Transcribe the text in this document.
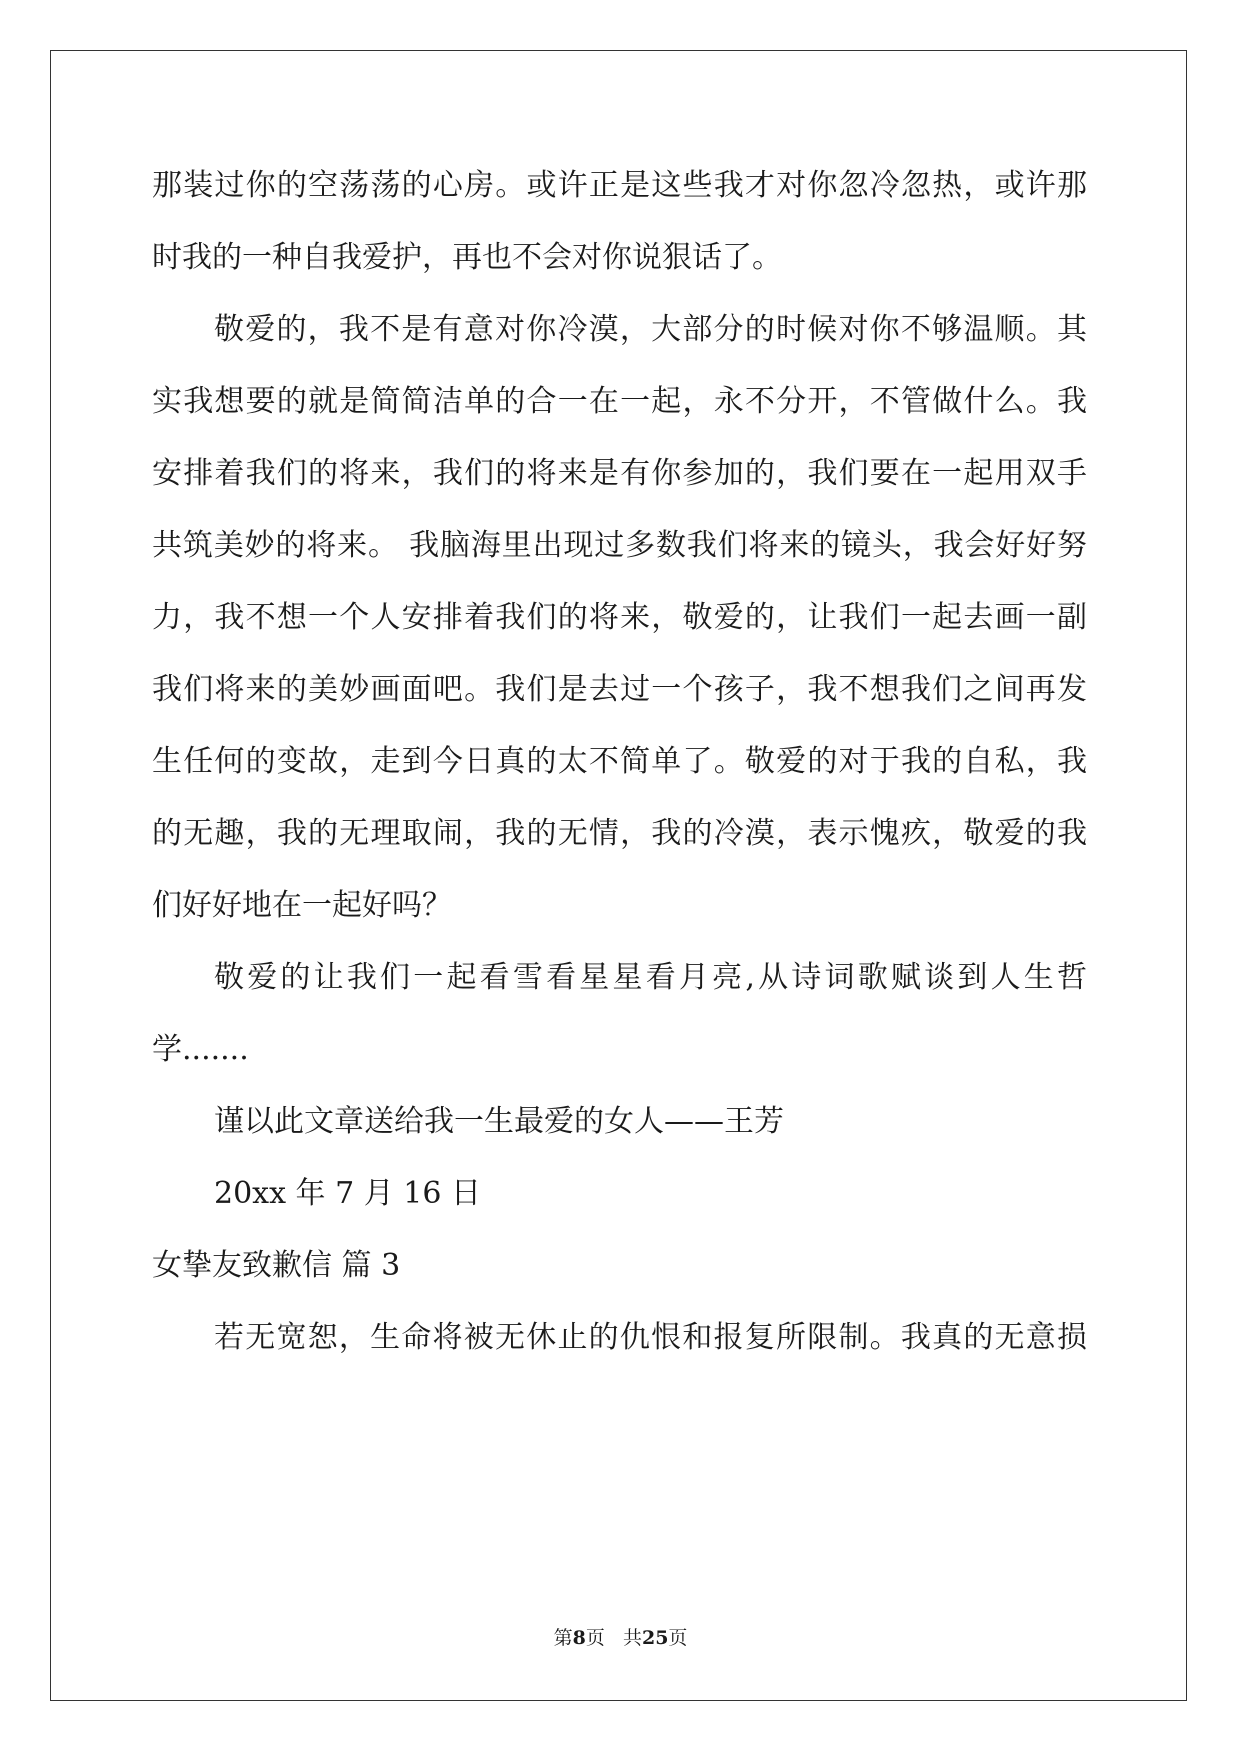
那装过你的空荡荡的心房。或许正是这些我才对你忽冷忽热，或许那
时我的一种自我爱护，再也不会对你说狠话了。
敬爱的，我不是有意对你冷漠，大部分的时候对你不够温顺。其
实我想要的就是简简洁单的合一在一起，永不分开，不管做什么。我
安排着我们的将来，我们的将来是有你参加的，我们要在一起用双手
共筑美妙的将来。 我脑海里出现过多数我们将来的镜头，我会好好努
力，我不想一个人安排着我们的将来，敬爱的，让我们一起去画一副
我们将来的美妙画面吧。我们是去过一个孩子，我不想我们之间再发
生任何的变故，走到今日真的太不简单了。敬爱的对于我的自私，我
的无趣，我的无理取闹，我的无情，我的冷漠，表示愧疚，敬爱的我
们好好地在一起好吗？
敬爱的让我们一起看雪看星星看月亮,从诗词歌赋谈到人生哲
学.......
谨以此文章送给我一生最爱的女人——王芳
20xx 年 7 月 16 日
女挚友致歉信 篇 3
若无宽恕，生命将被无休止的仇恨和报复所限制。我真的无意损
第8页 共25页
